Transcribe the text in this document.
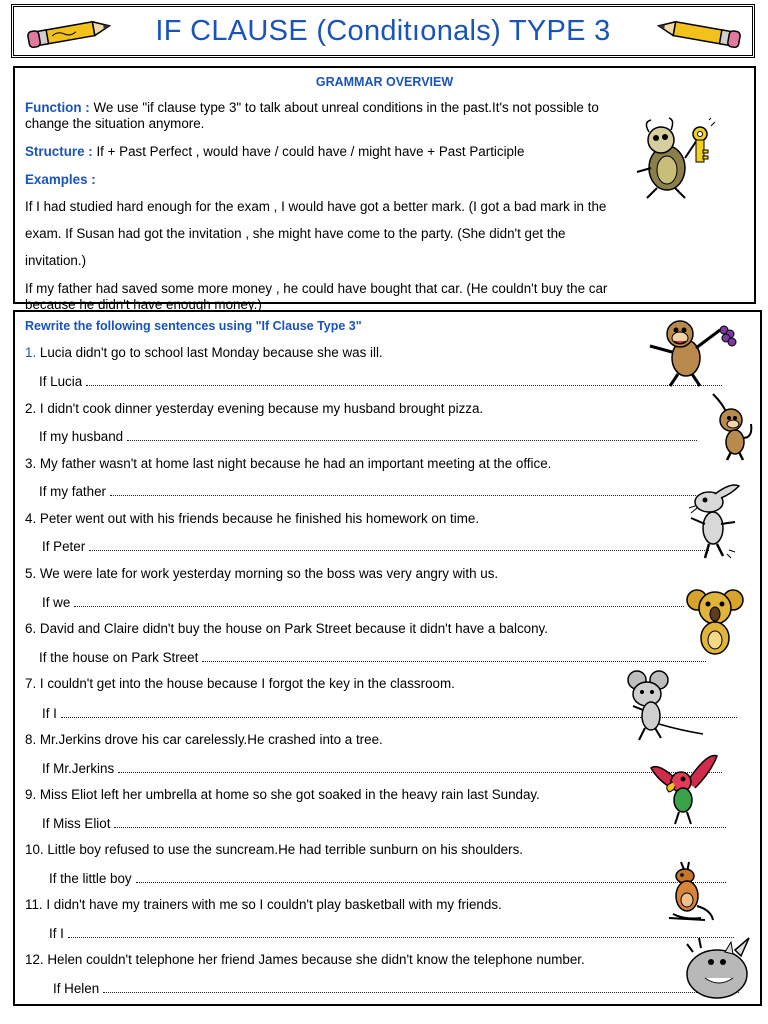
IF CLAUSE (Conditıonals) TYPE 3
GRAMMAR OVERVIEW
Function : We use "if clause type 3" to talk about unreal conditions in the past.It's not possible to
change the situation anymore.
Structure : If + Past Perfect , would have / could have / might have + Past Participle
Examples :
If I had studied hard enough for the exam , I would have got a better mark. (I got a bad mark in the
exam. If Susan had got the invitation , she might have come to the party. (She didn't get the
invitation.)
If my father had saved some more money , he could have bought that car. (He couldn't buy the car
because he didn't have enough money.)
Rewrite the following sentences using "If Clause Type 3"
1. Lucia didn't go to school last Monday because she was ill.
If Lucia
2. I didn't cook dinner yesterday evening because my husband brought pizza.
If my husband
3. My father wasn't at home last night because he had an important meeting at the office.
If my father
4. Peter went out with his friends because he finished his homework on time.
If Peter
5. We were late for work yesterday morning so the boss was very angry with us.
If we
6. David and Claire didn't buy the house on Park Street because it didn't have a balcony.
If the house on Park Street
7. I couldn't get into the house because I forgot the key in the classroom.
If I
8. Mr.Jerkins drove his car carelessly.He crashed into a tree.
If Mr.Jerkins
9. Miss Eliot left her umbrella at home so she got soaked in the heavy rain last Sunday.
If Miss Eliot
10. Little boy refused to use the suncream.He had terrible sunburn on his shoulders.
If the little boy
11. I didn't have my trainers with me so I couldn't play basketball with my friends.
If I
12. Helen couldn't telephone her friend James because she didn't know the telephone number.
If Helen
